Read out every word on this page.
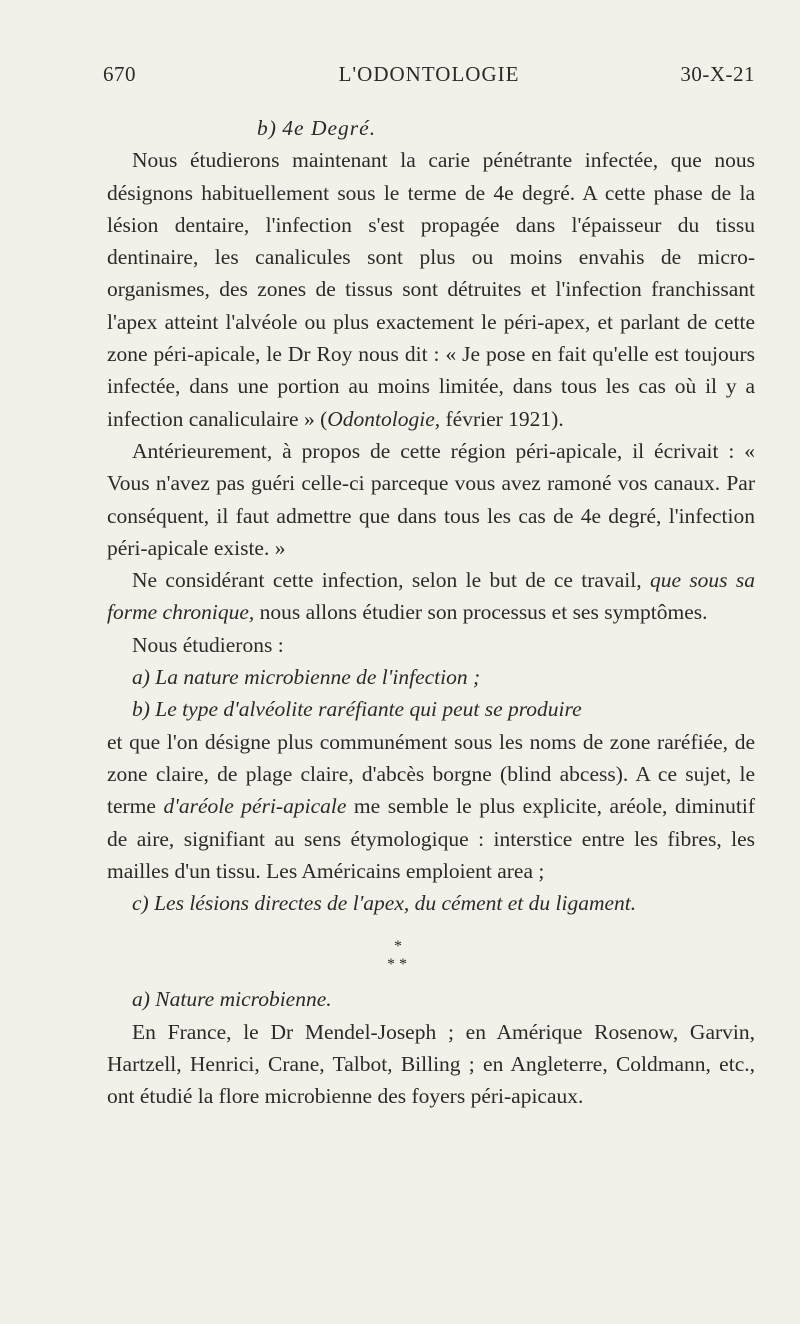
670	L'ODONTOLOGIE	30-X-21

b) 4e Degré.

Nous étudierons maintenant la carie pénétrante infectée, que nous désignons habituellement sous le terme de 4e degré. A cette phase de la lésion dentaire, l'infection s'est propagée dans l'épaisseur du tissu dentinaire, les canalicules sont plus ou moins envahis de micro-organismes, des zones de tissus sont détruites et l'infection franchissant l'apex atteint l'alvéole ou plus exactement le péri-apex, et parlant de cette zone péri-apicale, le Dr Roy nous dit : « Je pose en fait qu'elle est toujours infectée, dans une portion au moins limitée, dans tous les cas où il y a infection canaliculaire » (Odontologie, février 1921).

Antérieurement, à propos de cette région péri-apicale, il écrivait : « Vous n'avez pas guéri celle-ci parceque vous avez ramoné vos canaux. Par conséquent, il faut admettre que dans tous les cas de 4e degré, l'infection péri-apicale existe. »

Ne considérant cette infection, selon le but de ce travail, que sous sa forme chronique, nous allons étudier son processus et ses symptômes.

Nous étudierons :

a) La nature microbienne de l'infection ;

b) Le type d'alvéolite raréfiante qui peut se produire

et que l'on désigne plus communément sous les noms de zone raréfiée, de zone claire, de plage claire, d'abcès borgne (blind abcess). A ce sujet, le terme d'aréole péri-apicale me semble le plus explicite, aréole, diminutif de aire, signifiant au sens étymologique : interstice entre les fibres, les mailles d'un tissu. Les Américains emploient area ;

c) Les lésions directes de l'apex, du cément et du ligament.

*
* *

a) Nature microbienne.

En France, le Dr Mendel-Joseph ; en Amérique Rosenow, Garvin, Hartzell, Henrici, Crane, Talbot, Billing ; en Angleterre, Coldmann, etc., ont étudié la flore microbienne des foyers péri-apicaux.
